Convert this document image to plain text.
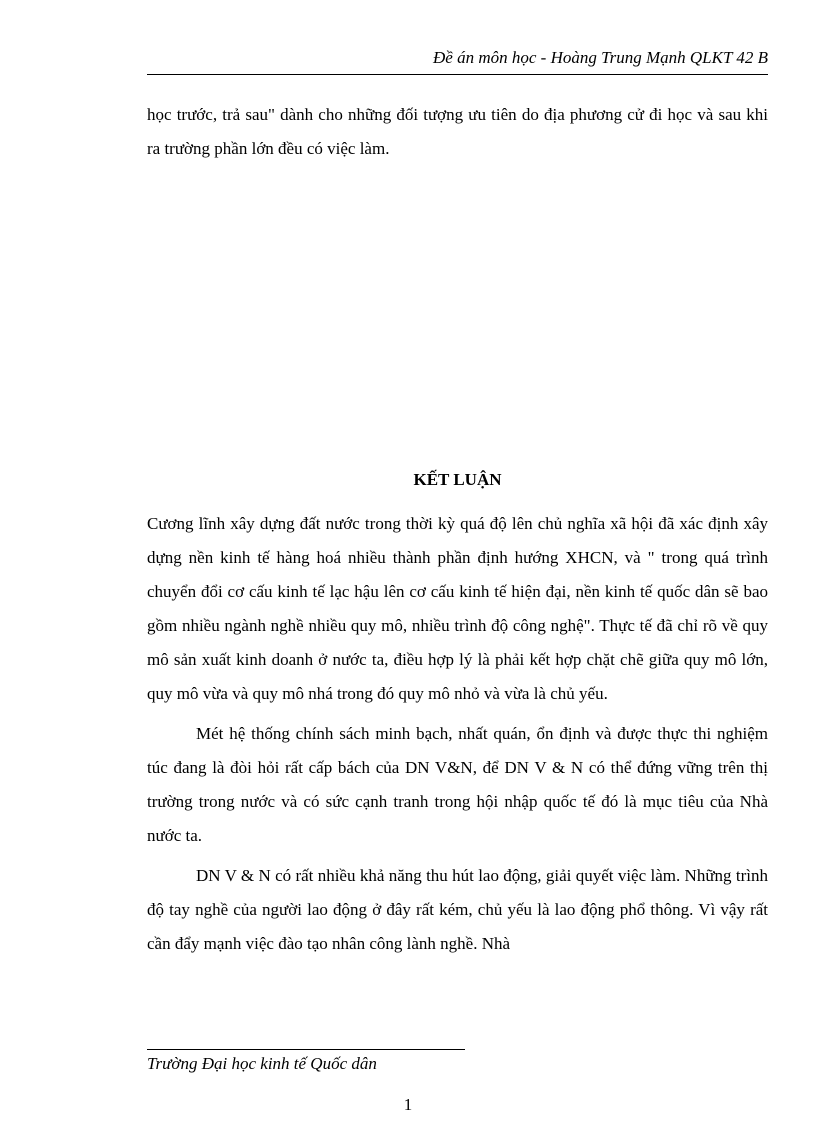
Đề án môn học - Hoàng Trung Mạnh QLKT 42 B

học trước, trả sau" dành cho những đối tượng ưu tiên do địa phương cử đi học và sau khi ra trường phần lớn đều có việc làm.

KẾT LUẬN

Cương lĩnh xây dựng đất nước trong thời kỳ quá độ lên chủ nghĩa xã hội đã xác định xây dựng nền kinh tế hàng hoá nhiều thành phần định hướng XHCN, và " trong quá trình chuyển đổi cơ cấu kinh tế lạc hậu lên cơ cấu kinh tế hiện đại, nền kinh tế quốc dân sẽ bao gồm nhiều ngành nghề nhiều quy mô, nhiều trình độ công nghệ". Thực tế đã chỉ rõ về quy mô sản xuất kinh doanh ở nước ta, điều hợp lý là phải kết hợp chặt chẽ giữa quy mô lớn, quy mô vừa và quy mô nhá trong đó quy mô nhỏ và vừa là chủ yếu.

Mét hệ thống chính sách minh bạch, nhất quán, ổn định và được thực thi nghiệm túc đang là đòi hỏi rất cấp bách của DN V&N, để DN V & N có thể đứng vững trên thị trường trong nước và có sức cạnh tranh trong hội nhập quốc tế đó là mục tiêu của Nhà nước ta.

DN V & N có rất nhiều khả năng thu hút lao động, giải quyết việc làm. Những trình độ tay nghề của người lao động ở đây rất kém, chủ yếu là lao động phổ thông. Vì vậy rất cần đẩy mạnh việc đào tạo nhân công lành nghề. Nhà

Trường Đại học kinh tế Quốc dân
1
